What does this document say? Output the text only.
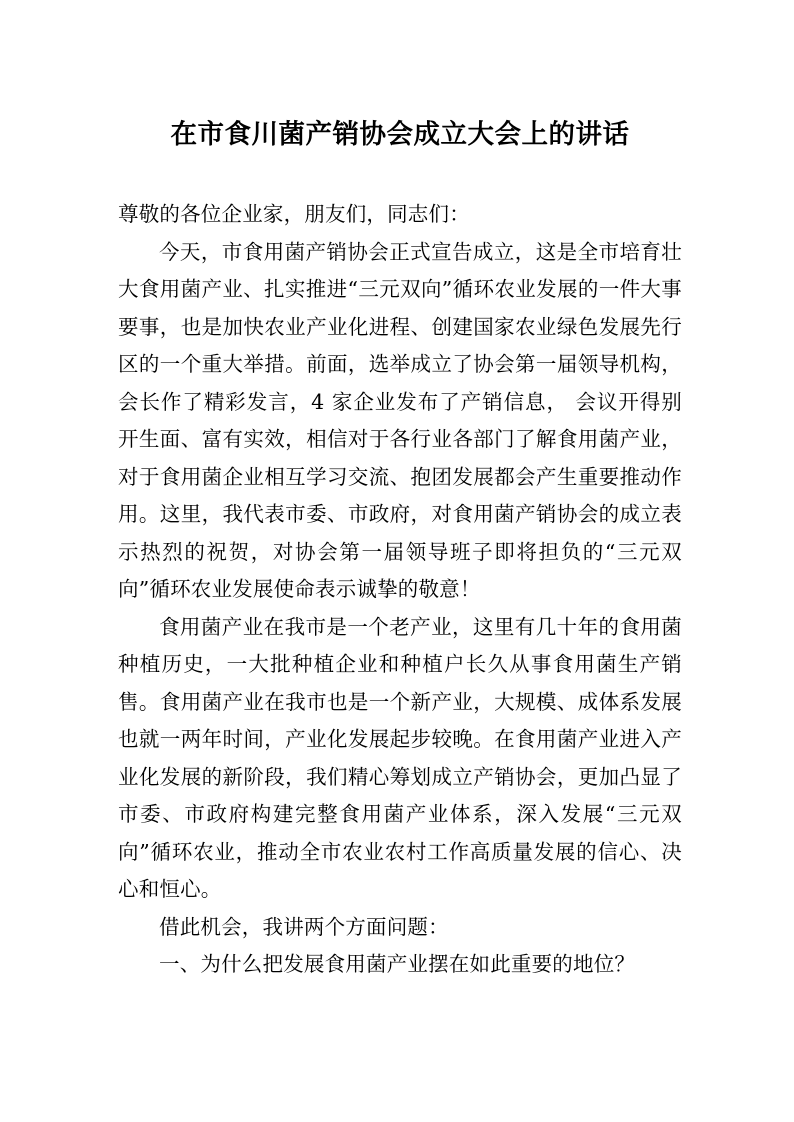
在市食川菌产销协会成立大会上的讲话

尊敬的各位企业家，朋友们，同志们：

今天，市食用菌产销协会正式宣告成立，这是全市培育壮大食用菌产业、扎实推进“三元双向”循环农业发展的一件大事要事，也是加快农业产业化进程、创建国家农业绿色发展先行区的一个重大举措。前面，选举成立了协会第一届领导机构，会长作了精彩发言，4 家企业发布了产销信息， 会议开得别开生面、富有实效，相信对于各行业各部门了解食用菌产业，对于食用菌企业相互学习交流、抱团发展都会产生重要推动作用。这里，我代表市委、市政府，对食用菌产销协会的成立表示热烈的祝贺，对协会第一届领导班子即将担负的“三元双向”循环农业发展使命表示诚挚的敬意！

食用菌产业在我市是一个老产业，这里有几十年的食用菌种植历史，一大批种植企业和种植户长久从事食用菌生产销售。食用菌产业在我市也是一个新产业，大规模、成体系发展也就一两年时间，产业化发展起步较晚。在食用菌产业进入产业化发展的新阶段，我们精心筹划成立产销协会，更加凸显了市委、市政府构建完整食用菌产业体系，深入发展“三元双向”循环农业，推动全市农业农村工作高质量发展的信心、决心和恒心。

借此机会，我讲两个方面问题：

一、为什么把发展食用菌产业摆在如此重要的地位？
